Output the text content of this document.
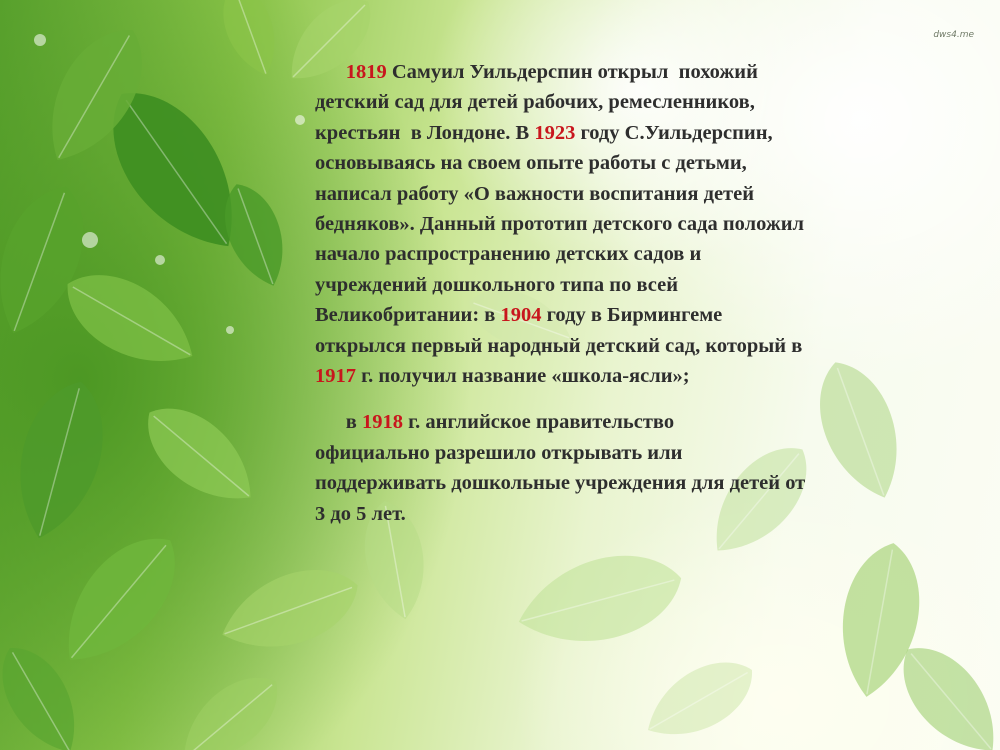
dws4.me

1819 Самуил Уильдерспин открыл  похожий
детский сад для детей рабочих, ремесленников,
крестьян  в Лондоне. В 1923 году С.Уильдерспин,
основываясь на своем опыте работы с детьми,
написал работу «О важности воспитания детей
бедняков». Данный прототип детского сада положил
начало распространению детских садов и
учреждений дошкольного типа по всей
Великобритании: в 1904 году в Бирмингеме
открылся первый народный детский сад, который в
1917 г. получил название «школа-ясли»;

в 1918 г. английское правительство
официально разрешило открывать или
поддерживать дошкольные учреждения для детей от
3 до 5 лет.
